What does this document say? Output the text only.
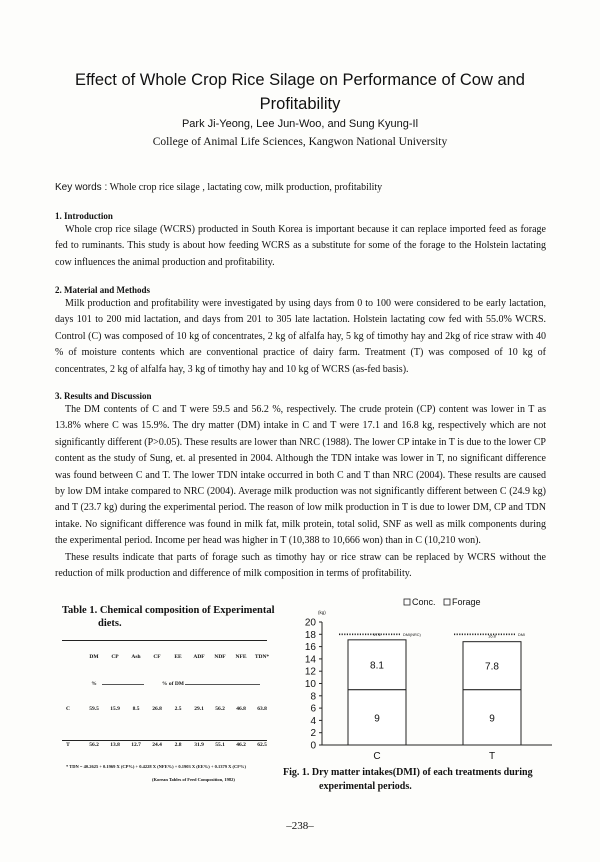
Effect of Whole Crop Rice Silage on Performance of Cow and
Profitability
Park Ji-Yeong, Lee Jun-Woo, and Sung Kyung-Il
College of Animal Life Sciences, Kangwon National University
Key words : Whole crop rice silage , lactating cow, milk production, profitability
1. Introduction

Whole crop rice silage (WCRS) producted in South Korea is important because it can replace imported feed as forage fed to ruminants. This study is about how feeding WCRS as a substitute for some of the forage to the Holstein lactating cow influences the animal production and profitability.

2. Material and Methods

Milk production and profitability were investigated by using days from 0 to 100 were considered to be early lactation, days 101 to 200 mid lactation, and days from 201 to 305 late lactation. Holstein lactating cow fed with 55.0% WCRS. Control (C) was composed of 10 kg of concentrates, 2 kg of alfalfa hay, 5 kg of timothy hay and 2kg of rice straw with 40 % of moisture contents which are conventional practice of dairy farm. Treatment (T) was composed of 10 kg of concentrates, 2 kg of alfalfa hay, 3 kg of timothy hay and 10 kg of WCRS (as-fed basis).

3. Results and Discussion

The DM contents of C and T were 59.5 and 56.2 %, respectively. The crude protein (CP) content was lower in T as 13.8% where C was 15.9%. The dry matter (DM) intake in C and T were 17.1 and 16.8 kg, respectively which are not significantly different (P>0.05). These results are lower than NRC (1988). The lower CP intake in T is due to the lower CP content as the study of Sung, et. al presented in 2004. Although the TDN intake was lower in T, no significant difference was found between C and T. The lower TDN intake occurred in both C and T than NRC (2004). These results are caused by low DM intake compared to NRC (2004). Average milk production was not significantly different between C (24.9 kg) and T (23.7 kg) during the experimental period. The reason of low milk production in T is due to lower DM, CP and TDN intake. No significant difference was found in milk fat, milk protein, total solid, SNF as well as milk components during the experimental period. Income per head was higher in T (10,388 to 10,666 won) than in C (10,210 won).

These results indicate that parts of forage such as timothy hay or rice straw can be replaced by WCRS without the reduction of milk production and difference of milk composition in terms of profitability.

Table 1. Chemical composition of Experimental
diets.
DM	CP	Ash	CF	EE	ADF	NDF	NFE	TDN*
%	% of DM
C	59.5	15.9	8.5	26.8	2.5	29.1	56.2	46.8	63.8
T	56.2	13.8	12.7	24.4	2.8	31.9	55.1	46.2	62.5
* TDN = 40.2625 + 0.1969 X (CP%) + 0.4228 X (NFE%) + 0.1903 X (EE%) + 0.1379 X (CF%)
(Korean Tables of Feed Composition, 1982)
0
2
4
6
8
10
12
14
16
18
20
(kg)
Conc. Forage
9
8.1
17.1
C
DMI(NRC)
9
7.8
16.8
T
DMI
Fig. 1. Dry matter intakes(DMI) of each treatments during
experimental periods.
–238–
